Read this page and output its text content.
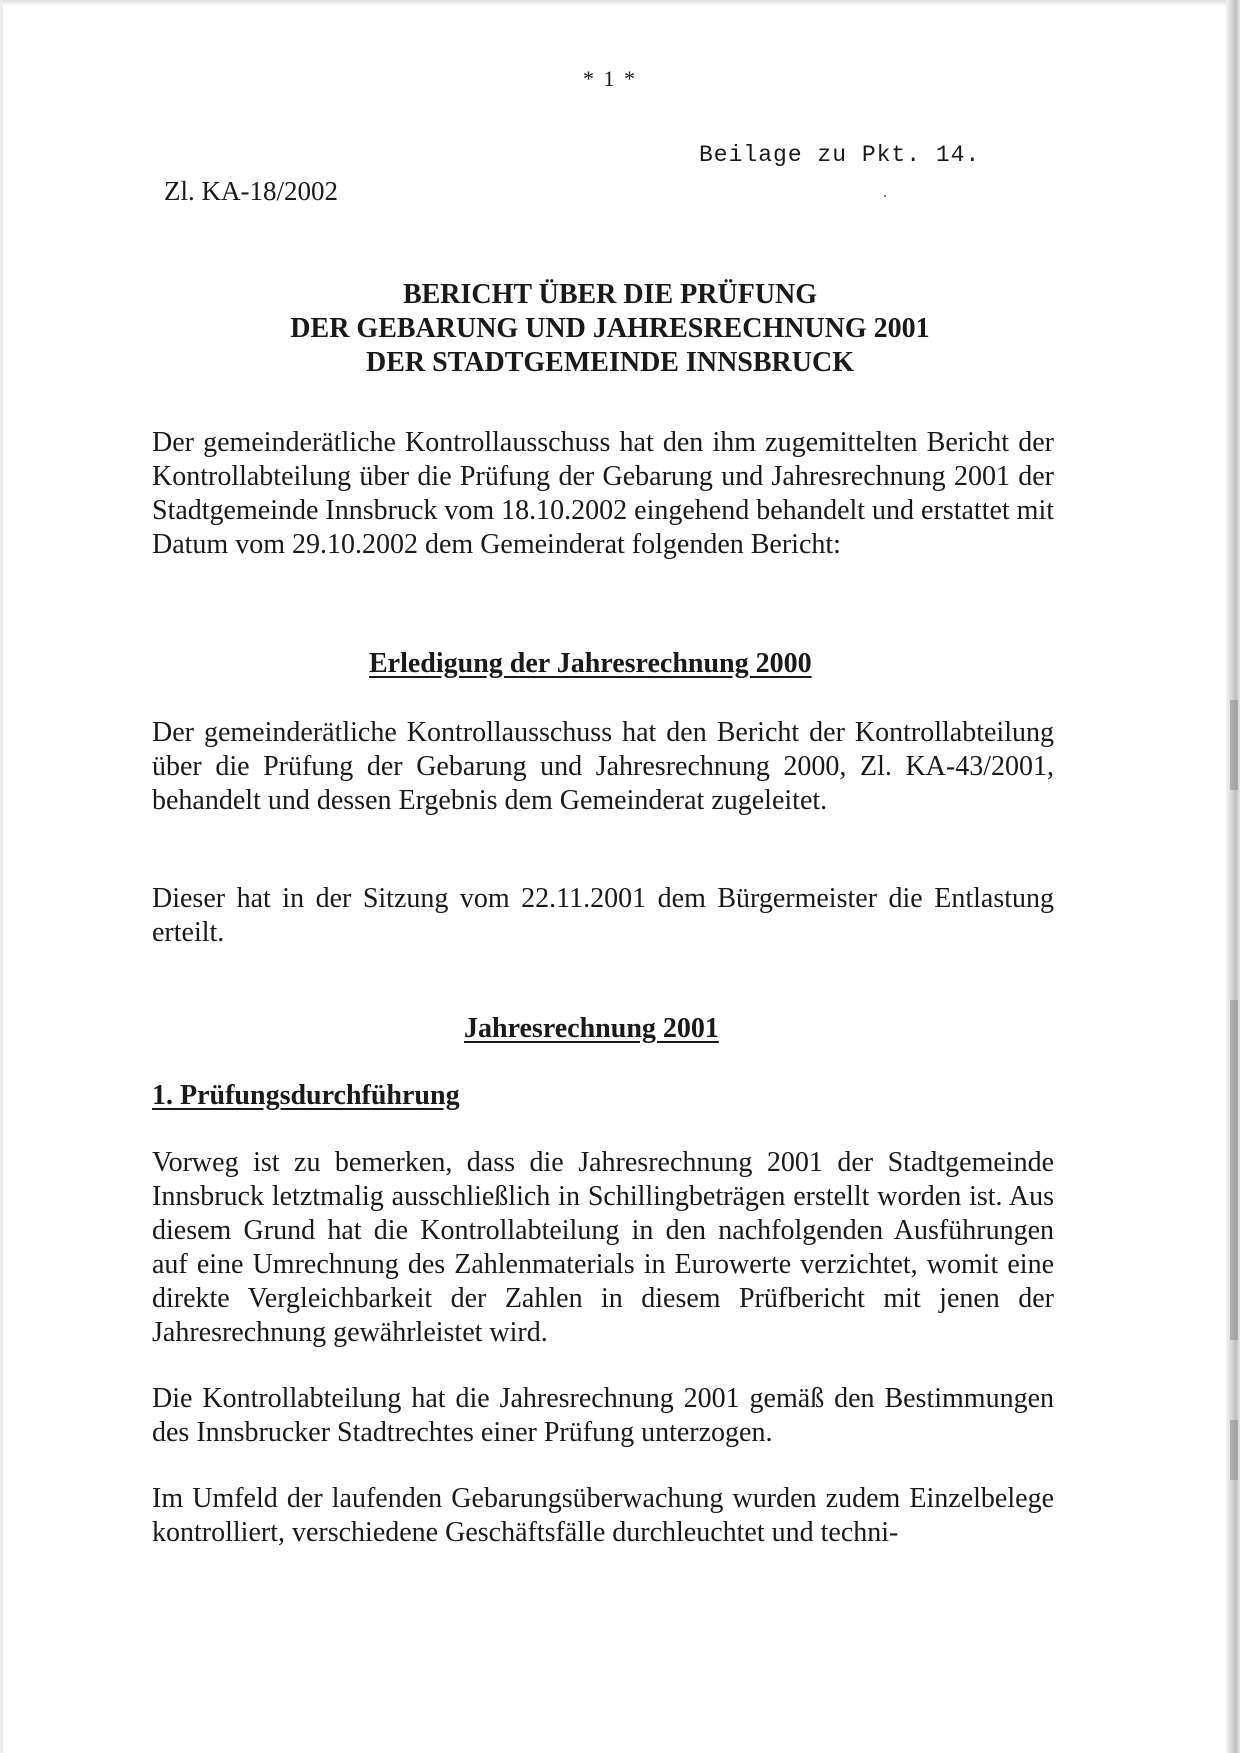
* 1 *
Beilage zu Pkt. 14.
Zl. KA-18/2002
BERICHT ÜBER DIE PRÜFUNG
DER GEBARUNG UND JAHRESRECHNUNG 2001
DER STADTGEMEINDE INNSBRUCK

Der gemeinderätliche Kontrollausschuss hat den ihm zugemittelten Bericht der Kontrollabteilung über die Prüfung der Gebarung und Jahresrechnung 2001 der Stadtgemeinde Innsbruck vom 18.10.2002 eingehend behandelt und erstattet mit Datum vom 29.10.2002 dem Gemeinderat folgenden Bericht:

Erledigung der Jahresrechnung 2000

Der gemeinderätliche Kontrollausschuss hat den Bericht der Kontrollabteilung über die Prüfung der Gebarung und Jahresrechnung 2000, Zl. KA-43/2001, behandelt und dessen Ergebnis dem Gemeinderat zugeleitet.

Dieser hat in der Sitzung vom 22.11.2001 dem Bürgermeister die Entlastung erteilt.

Jahresrechnung 2001
1. Prüfungsdurchführung

Vorweg ist zu bemerken, dass die Jahresrechnung 2001 der Stadtgemeinde Innsbruck letztmalig ausschließlich in Schillingbeträgen erstellt worden ist. Aus diesem Grund hat die Kontrollabteilung in den nachfolgenden Ausführungen auf eine Umrechnung des Zahlenmaterials in Eurowerte verzichtet, womit eine direkte Vergleichbarkeit der Zahlen in diesem Prüfbericht mit jenen der Jahresrechnung gewährleistet wird.

Die Kontrollabteilung hat die Jahresrechnung 2001 gemäß den Bestimmungen des Innsbrucker Stadtrechtes einer Prüfung unterzogen.

Im Umfeld der laufenden Gebarungsüberwachung wurden zudem Einzelbelege kontrolliert, verschiedene Geschäftsfälle durchleuchtet und techni-
